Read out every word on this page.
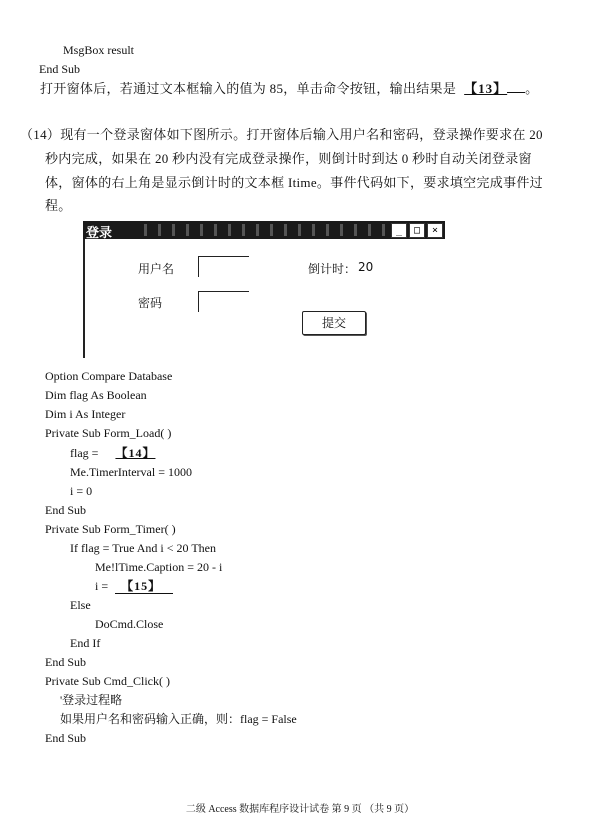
MsgBox result
End Sub
打开窗体后，若通过文本框输入的值为 85，单击命令按钮，输出结果是 【13】 。
（14）现有一个登录窗体如下图所示。打开窗体后输入用户名和密码，登录操作要求在 20
秒内完成，如果在 20 秒内没有完成登录操作，则倒计时到达 0 秒时自动关闭登录窗
体，窗体的右上角是显示倒计时的文本框 Itime。事件代码如下，要求填空完成事件过
程。
登录	_	□	×
用户名	倒计时： 20
密码
提交
Option Compare Database
Dim flag As Boolean
Dim i As Integer
Private Sub Form_Load( )
flag = 【14】
Me.TimerInterval = 1000
i = 0
End Sub
Private Sub Form_Timer( )
If flag = True And i < 20 Then
Me!lTime.Caption = 20 - i
i = 【15】
Else
DoCmd.Close
End If
End Sub
Private Sub Cmd_Click( )
'登录过程略
如果用户名和密码输入正确，则：flag = False
End Sub
二级 Access 数据库程序设计试卷 第 9 页 （共 9 页）
